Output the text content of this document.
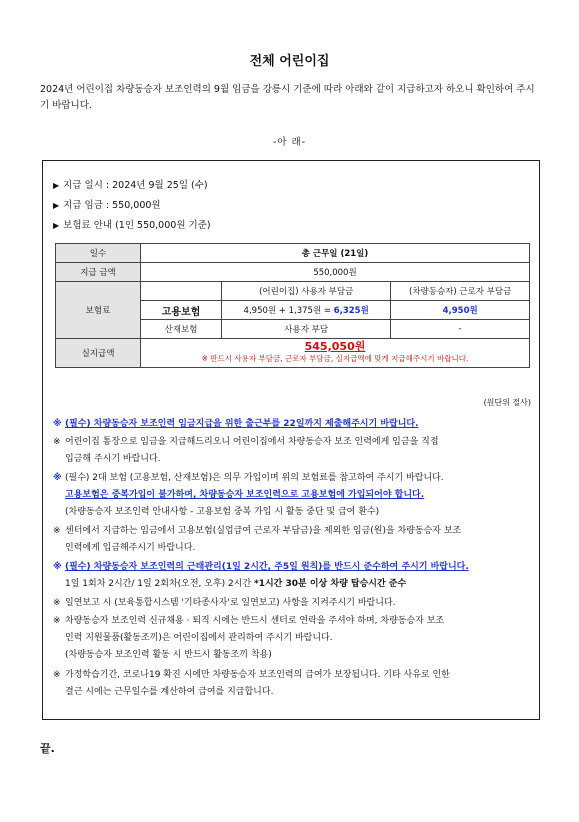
전체 어린이집
2024년 어린이집 차량동승자 보조인력의 9월 임금을 강릉시 기준에 따라 아래와 같이 지급하고자 하오니 확인하여 주시기 바랍니다.
-아 래-
▶ 지급 일시 : 2024년 9월 25일 (수)
▶ 지급 임금 : 550,000원
▶ 보험료 안내 (1인 550,000원 기준)
일수	총 근무일 (21일)		
지급 금액	550,000원		
보험료		(어린이집) 사용자 부담금	(차량동승자) 근로자 부담금
	고용보험	4,950원 + 1,375원 = 6,325원	4,950원
	산재보험	사용자 부담	-
실지급액	545,050원
※ 반드시 사용자 부담금, 근로자 부담금, 실지급액에 맞게 지급해주시기 바랍니다.		
(원단위 절사)
※ (필수) 차량동승자 보조인력 임금지급을 위한 출근부를 22일까지 제출해주시기 바랍니다.
※ 어린이집 통장으로 임금을 지급해드리오니 어린이집에서 차량동승자 보조 인력에게 임금을 직접
입금해 주시기 바랍니다.
※ (필수) 2대 보험 (고용보험, 산재보험)은 의무 가입이며 위의 보험료를 참고하여 주시기 바랍니다.
고용보험은 중복가입이 불가하며, 차량동승자 보조인력으로 고용보험에 가입되어야 합니다.
(차량동승자 보조인력 안내사항 - 고용보험 중복 가입 시 활동 중단 및 급여 환수)
※ 센터에서 지급하는 임금에서 고용보험(실업급여 근로자 부담금)을 제외한 임금(원)을 차량동승자 보조
인력에게 입금해주시기 바랍니다.
※ (필수) 차량동승자 보조인력의 근태관리(1일 2시간, 주5일 원칙)를 반드시 준수하여 주시기 바랍니다.
1일 1회차 2시간/ 1일 2회차(오전, 오후) 2시간 *1시간 30분 이상 차량 탑승시간 준수
※ 일연보고 시 (보육통합시스템 '기타종사자'로 일연보고) 사항을 지켜주시기 바랍니다.
※ 차량동승자 보조인력 신규채용 · 퇴직 시에는 반드시 센터로 연락을 주셔야 하며, 차량동승자 보조
인력 지원물품(활동조끼)은 어린이집에서 관리하여 주시기 바랍니다.
(차량동승자 보조인력 활동 시 반드시 활동조끼 착용)
※ 가정학습기간, 코로나19 확진 시에만 차량동승자 보조인력의 급여가 보장됩니다. 기타 사유로 인한
결근 시에는 근무일수를 계산하여 급여를 지급합니다.
끝.
